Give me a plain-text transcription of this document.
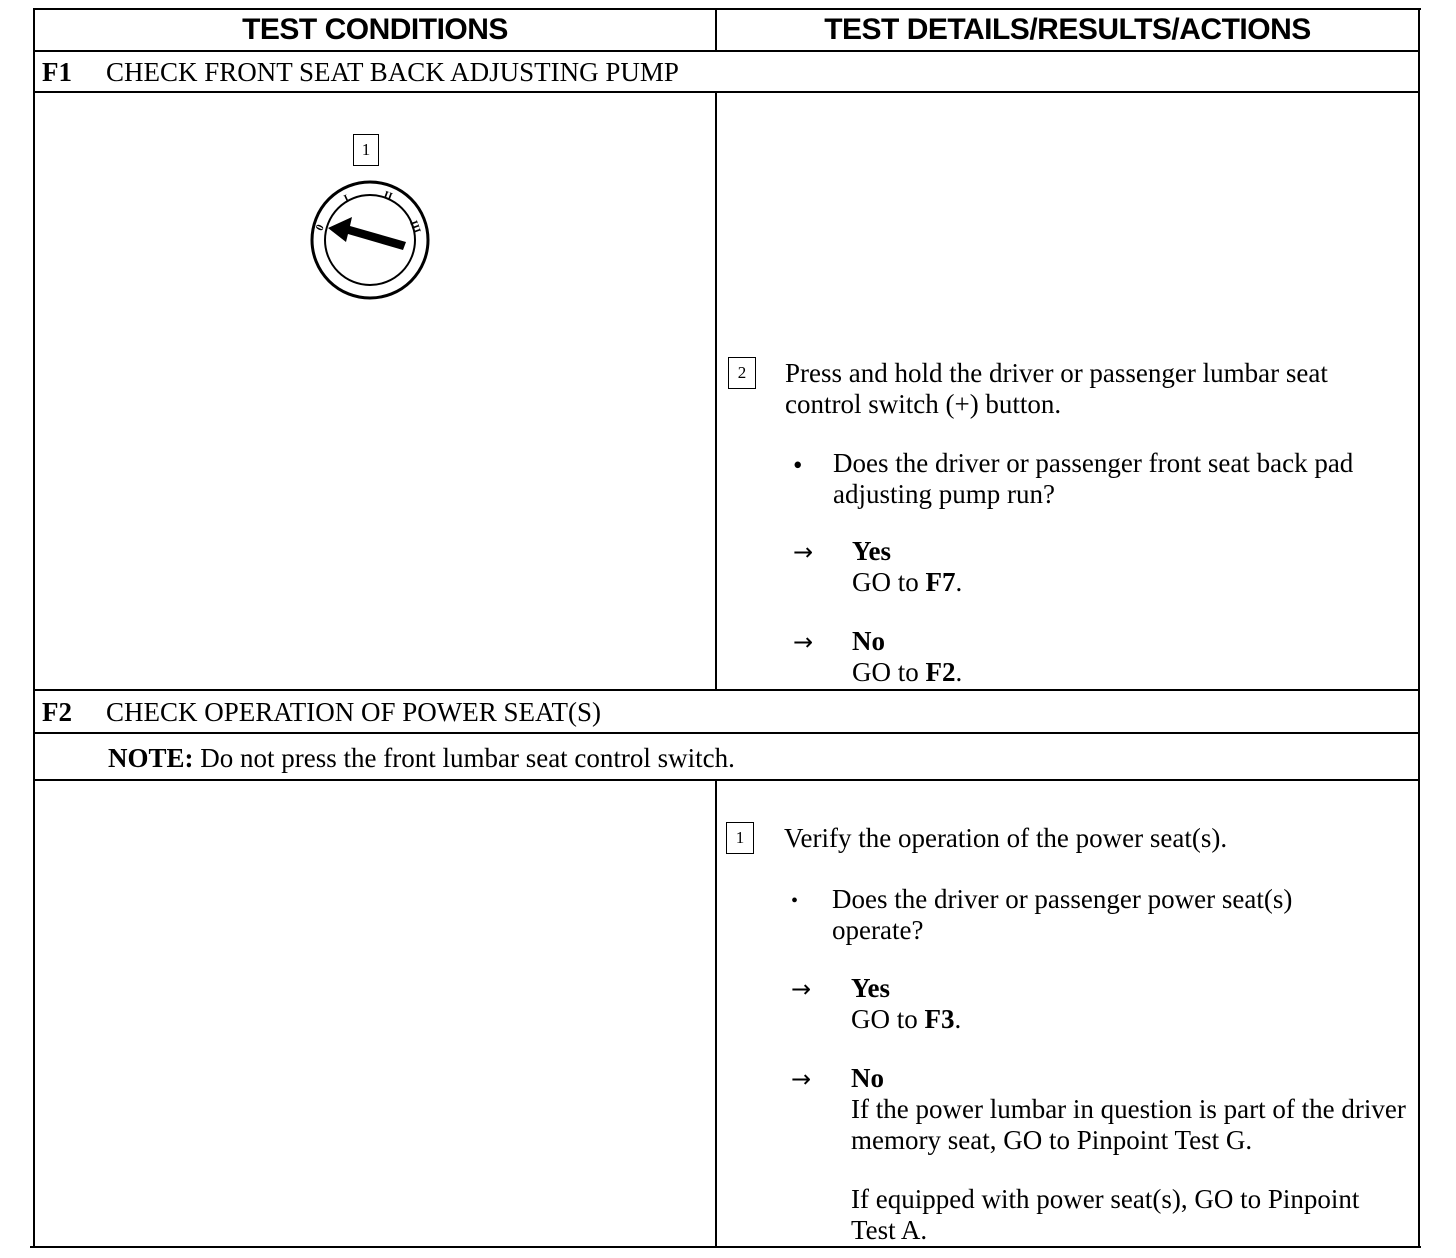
TEST CONDITIONS	TEST DETAILS/RESULTS/ACTIONS
F1 CHECK FRONT SEAT BACK ADJUSTING PUMP
1
0
I	II
III
2	Press and hold the driver or passenger lumbar seat control switch (+) button.
• Does the driver or passenger front seat back pad adjusting pump run?
→ Yes
GO to F7.
→ No
GO to F2.
F2 CHECK OPERATION OF POWER SEAT(S)
NOTE: Do not press the front lumbar seat control switch.
1	Verify the operation of the power seat(s).
• Does the driver or passenger power seat(s) operate?
→ Yes
GO to F3.
→ No
If the power lumbar in question is part of the driver memory seat, GO to Pinpoint Test G.
If equipped with power seat(s), GO to Pinpoint Test A.
